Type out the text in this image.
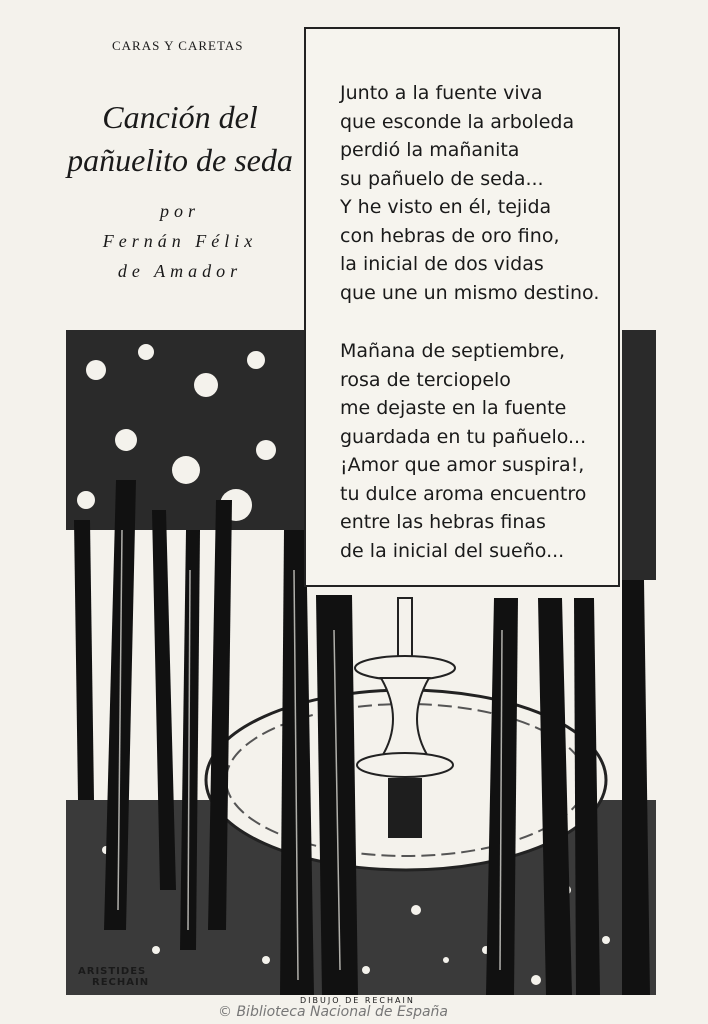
CARAS Y CARETAS
Canción del
pañuelito de seda
por
Fernán Félix
de Amador
Junto a la fuente viva
que esconde la arboleda
perdió la mañanita
su pañuelo de seda...
Y he visto en él, tejida
con hebras de oro fino,
la inicial de dos vidas
que une un mismo destino.
Mañana de septiembre,
rosa de terciopelo
me dejaste en la fuente
guardada en tu pañuelo...
¡Amor que amor suspira!,
tu dulce aroma encuentro
entre las hebras finas
de la inicial del sueño...
ARISTIDES
RECHAIN
DIBUJO DE RECHAIN
© Biblioteca Nacional de España
